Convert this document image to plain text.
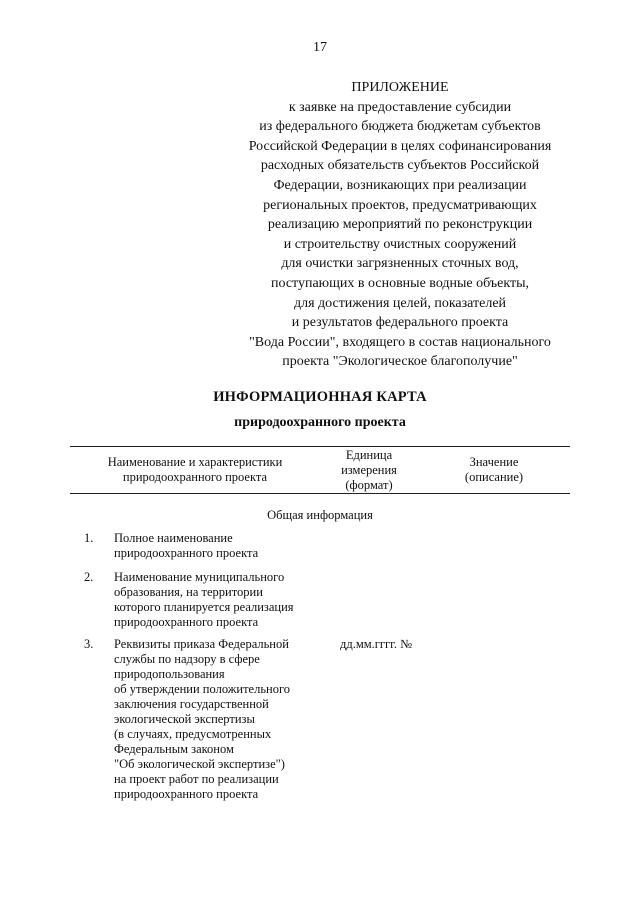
17
ПРИЛОЖЕНИЕ
к заявке на предоставление субсидии
из федерального бюджета бюджетам субъектов
Российской Федерации в целях софинансирования
расходных обязательств субъектов Российской
Федерации, возникающих при реализации
региональных проектов, предусматривающих
реализацию мероприятий по реконструкции
и строительству очистных сооружений
для очистки загрязненных сточных вод,
поступающих в основные водные объекты,
для достижения целей, показателей
и результатов федерального проекта
"Вода России", входящего в состав национального
проекта "Экологическое благополучие"
ИНФОРМАЦИОННАЯ КАРТА
природоохранного проекта
Наименование и характеристики
природоохранного проекта
Единица
измерения
(формат)
Значение
(описание)
Общая информация
1. Полное наименование
природоохранного проекта
2. Наименование муниципального
образования, на территории
которого планируется реализация
природоохранного проекта
3. Реквизиты приказа Федеральной
службы по надзору в сфере
природопользования
об утверждении положительного
заключения государственной
экологической экспертизы
(в случаях, предусмотренных
Федеральным законом
"Об экологической экспертизе")
на проект работ по реализации
природоохранного проекта
дд.мм.гггг. №
